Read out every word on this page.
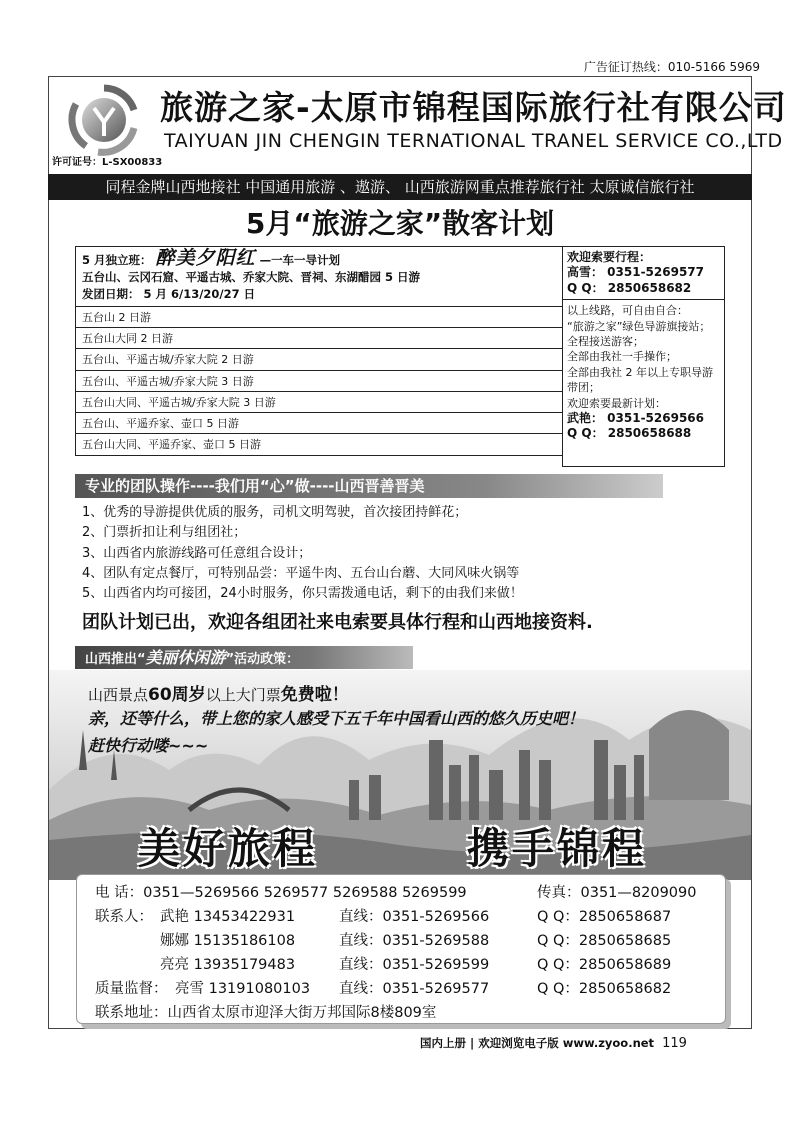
广告征订热线：010-5166 5969
许可证号：L-SX00833
旅游之家-太原市锦程国际旅行社有限公司
TAIYUAN JIN CHENGIN TERNATIONAL TRANEL SERVICE CO.,LTD
同程金牌山西地接社 中国通用旅游 、遨游、 山西旅游网重点推荐旅行社 太原诚信旅行社
5月“旅游之家”散客计划
5 月独立班： 醉美夕阳红 —一车一导计划
五台山、云冈石窟、平遥古城、乔家大院、晋祠、东湖醋园 5 日游
发团日期： 5 月 6/13/20/27 日
五台山 2 日游
五台山大同 2 日游
五台山、平遥古城/乔家大院 2 日游
五台山、平遥古城/乔家大院 3 日游
五台山大同、平遥古城/乔家大院 3 日游
五台山、平遥乔家、壶口 5 日游
五台山大同、平遥乔家、壶口 5 日游
欢迎索要行程：
高雪： 0351-5269577
Q Q： 2850658682
以上线路，可自由自合：
“旅游之家”绿色导游旗接站；
全程接送游客；
全部由我社一手操作；
全部由我社 2 年以上专职导游带团；
欢迎索要最新计划：
武艳： 0351-5269566
Q Q： 2850658688
专业的团队操作----我们用“心”做----山西晋善晋美
1、优秀的导游提供优质的服务，司机文明驾驶，首次接团持鲜花；
2、门票折扣让利与组团社；
3、山西省内旅游线路可任意组合设计；
4、团队有定点餐厅，可特别品尝：平遥牛肉、五台山台蘑、大同风味火锅等
5、山西省内均可接团，24小时服务，你只需拨通电话，剩下的由我们来做！
团队计划已出，欢迎各组团社来电索要具体行程和山西地接资料.
山西推出“美丽休闲游”活动政策：
山西景点60周岁以上大门票免费啦！
亲，还等什么，带上您的家人感受下五千年中国看山西的悠久历史吧！
赶快行动喽~~~
美好旅程	携手锦程
电 话：0351—5269566 5269577 5269588 5269599	传真：0351—8209090
联系人： 武艳 13453422931	直线：0351-5269566	Q Q：2850658687
娜娜 15135186108	直线：0351-5269588	Q Q：2850658685
亮亮 13935179483	直线：0351-5269599	Q Q：2850658689
质量监督： 亮雪 13191080103 直线：0351-5269577	Q Q：2850658682
联系地址：山西省太原市迎泽大街万邦国际8楼809室
国内上册 | 欢迎浏览电子版 www.zyoo.net 119
